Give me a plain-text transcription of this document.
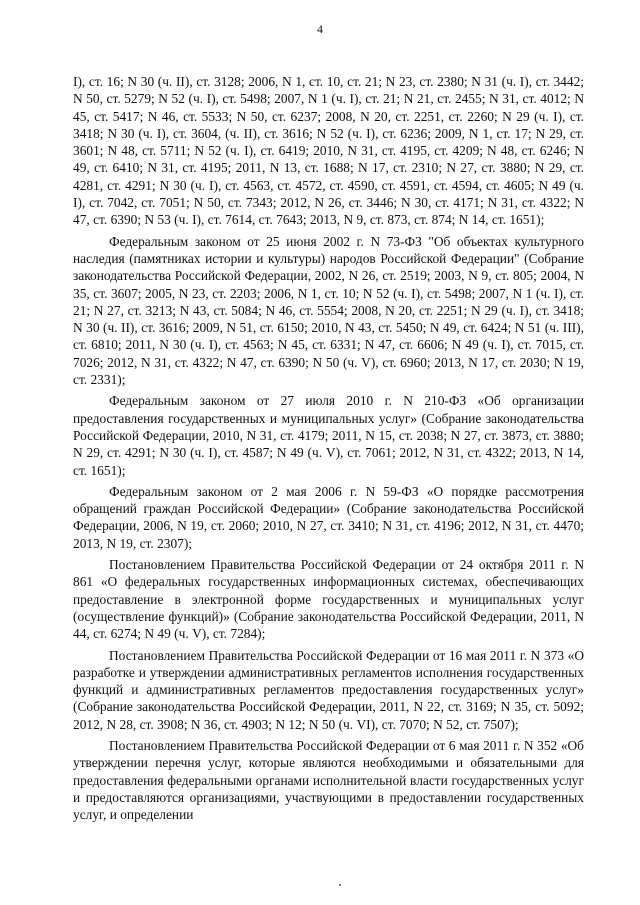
4

I), ст. 16; N 30 (ч. II), ст. 3128; 2006, N 1, ст. 10, ст. 21; N 23, ст. 2380; N 31 (ч. I), ст. 3442; N 50, ст. 5279; N 52 (ч. I), ст. 5498; 2007, N 1 (ч. I), ст. 21; N 21, ст. 2455; N 31, ст. 4012; N 45, ст. 5417; N 46, ст. 5533; N 50, ст. 6237; 2008, N 20, ст. 2251, ст. 2260; N 29 (ч. I), ст. 3418; N 30 (ч. I), ст. 3604, (ч. II), ст. 3616; N 52 (ч. I), ст. 6236; 2009, N 1, ст. 17; N 29, ст. 3601; N 48, ст. 5711; N 52 (ч. I), ст. 6419; 2010, N 31, ст. 4195, ст. 4209; N 48, ст. 6246; N 49, ст. 6410; N 31, ст. 4195; 2011, N 13, ст. 1688; N 17, ст. 2310; N 27, ст. 3880; N 29, ст. 4281, ст. 4291; N 30 (ч. I), ст. 4563, ст. 4572, ст. 4590, ст. 4591, ст. 4594, ст. 4605; N 49 (ч. I), ст. 7042, ст. 7051; N 50, ст. 7343; 2012, N 26, ст. 3446; N 30, ст. 4171; N 31, ст. 4322; N 47, ст. 6390; N 53 (ч. I), ст. 7614, ст. 7643; 2013, N 9, ст. 873, ст. 874; N 14, ст. 1651);

Федеральным законом от 25 июня 2002 г. N 73-ФЗ "Об объектах культурного наследия (памятниках истории и культуры) народов Российской Федерации" (Собрание законодательства Российской Федерации, 2002, N 26, ст. 2519; 2003, N 9, ст. 805; 2004, N 35, ст. 3607; 2005, N 23, ст. 2203; 2006, N 1, ст. 10; N 52 (ч. I), ст. 5498; 2007, N 1 (ч. I), ст. 21; N 27, ст. 3213; N 43, ст. 5084; N 46, ст. 5554; 2008, N 20, ст. 2251; N 29 (ч. I), ст. 3418; N 30 (ч. II), ст. 3616; 2009, N 51, ст. 6150; 2010, N 43, ст. 5450; N 49, ст. 6424; N 51 (ч. III), ст. 6810; 2011, N 30 (ч. I), ст. 4563; N 45, ст. 6331; N 47, ст. 6606; N 49 (ч. I), ст. 7015, ст. 7026; 2012, N 31, ст. 4322; N 47, ст. 6390; N 50 (ч. V), ст. 6960; 2013, N 17, ст. 2030; N 19, ст. 2331);

Федеральным законом от 27 июля 2010 г. N 210-ФЗ «Об организации предоставления государственных и муниципальных услуг» (Собрание законодательства Российской Федерации, 2010, N 31, ст. 4179; 2011, N 15, ст. 2038; N 27, ст. 3873, ст. 3880; N 29, ст. 4291; N 30 (ч. I), ст. 4587; N 49 (ч. V), ст. 7061; 2012, N 31, ст. 4322; 2013, N 14, ст. 1651);

Федеральным законом от 2 мая 2006 г. N 59-ФЗ «О порядке рассмотрения обращений граждан Российской Федерации» (Собрание законодательства Российской Федерации, 2006, N 19, ст. 2060; 2010, N 27, ст. 3410; N 31, ст. 4196; 2012, N 31, ст. 4470; 2013, N 19, ст. 2307);

Постановлением Правительства Российской Федерации от 24 октября 2011 г. N 861 «О федеральных государственных информационных системах, обеспечивающих предоставление в электронной форме государственных и муниципальных услуг (осуществление функций)» (Собрание законодательства Российской Федерации, 2011, N 44, ст. 6274; N 49 (ч. V), ст. 7284);

Постановлением Правительства Российской Федерации от 16 мая 2011 г. N 373 «О разработке и утверждении административных регламентов исполнения государственных функций и административных регламентов предоставления государственных услуг» (Собрание законодательства Российской Федерации, 2011, N 22, ст. 3169; N 35, ст. 5092; 2012, N 28, ст. 3908; N 36, ст. 4903; N 12; N 50 (ч. VI), ст. 7070; N 52, ст. 7507);

Постановлением Правительства Российской Федерации от 6 мая 2011 г. N 352 «Об утверждении перечня услуг, которые являются необходимыми и обязательными для предоставления федеральными органами исполнительной власти государственных услуг и предоставляются организациями, участвующими в предоставлении государственных услуг, и определении
